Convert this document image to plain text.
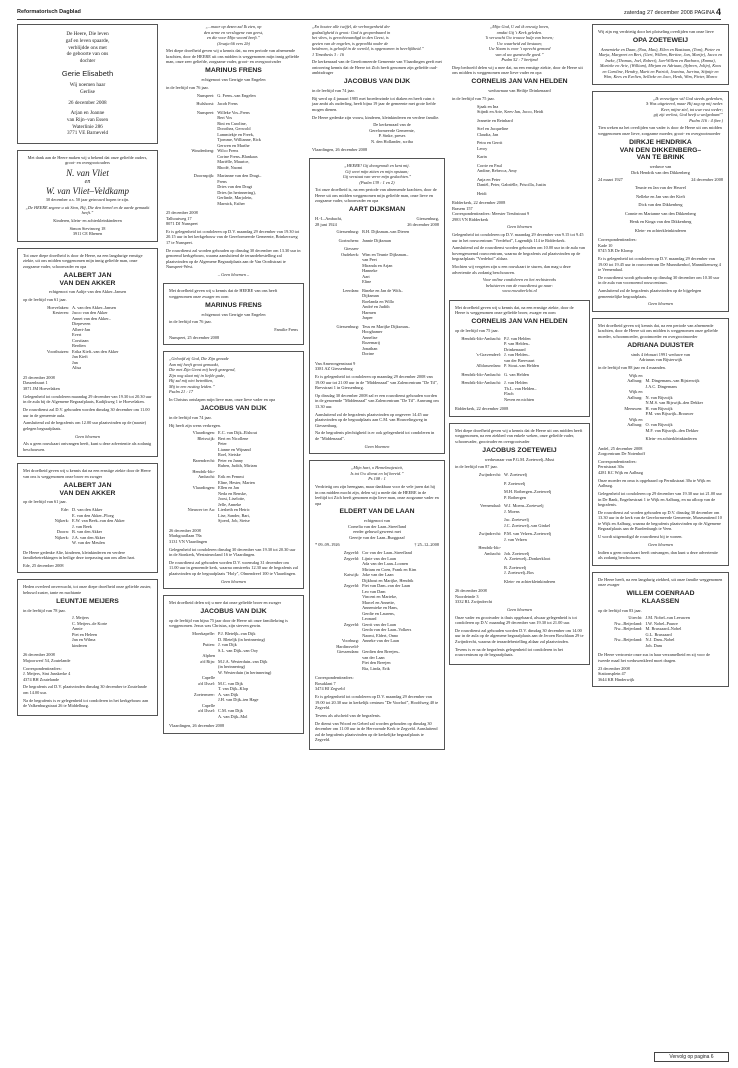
Reformatorisch Dagblad	zaterdag 27 december 2008 PAGINA 4
De Heere, Die leven
gaf en leven spaarde,
verblijdde ons met
de geboorte van ons
dochter
Gerie Elisabeth
Wij noemen haar
Gerlise
26 december 2008
Arjan en Joanne
van Rijn–van Essen
Waterlinie 286
3771 VE Barneveld
Met dank aan de Heere maken wij u bekend dat onze geliefde ouders, groot- en overgrootouders
N. van Vliet
en
W. van Vliet–Veldkamp
30 december a.s. 50 jaar getrouwd hopen te zijn.
„De HEERE zegene u uit Sion, Hij, Die den hemel en de aarde gemaakt heeft.”
Kinderen, klein- en achterkleinkinderen
Simon Stevinweg 18
3911 CE Rhenen
Tot onze diepe droefheid is door de Heere, na een langdurige ernstige ziekte, uit ons midden weggenomen mijn innig geliefde man, onze zorgzame vader, schoonvader en opa
AALBERT JAN
VAN DEN AKKER
echtgenoot van Aaltje van den Akker–Jansen
op de leeftijd van 61 jaar.
Hoevelaken: A. van den Akker–Jansen
Kesteren: Jacco van den Akker
Annet van den Akker–
Diepeveen
Albert-Jan
Evert
Corstiaan
Berdien
Voorthuizen: Erika Kieft–van den Akker
Jan Kieft
Jan
Alisa
25 december 2008
Dassenbuurt 1
3871 JM Hoevelaken
Gelegenheid tot condoleren maandag 29 december van 19.30 tot 20.30 uur in de aula bij de Algemene Begraafplaats, Kadijkweg 1 te Hoevelaken.
De rouwdienst zal D.V. gehouden worden dinsdag 30 december om 11.00 uur in de gemeente aula.
Aansluitend zal de begrafenis om 12.00 uur plaatsvinden op de (naaste) gelegen begraafplaats.
Geen bloemen
Als u geen rouwkaart ontvangen heeft, kunt u deze advertentie als zodanig beschouwen.
Met droefheid geven wij u kennis dat na een ernstige ziekte door de Heere van ons is weggenomen onze broer en zwager
AALBERT JAN
VAN DEN AKKER
op de leeftijd van 61 jaar.
Ede: D. van den Akker
E. van den Akker–Ploeg
Nijkerk: E.W. van Beek–van den Akker
J. van Beek
Doorn: B. van den Akker
Nijkerk: J.A. van den Akker
W. van der Meulen
De Heere gedenke Alie, kinderen, kleinkinderen en verdere familiebetrekkingen in heilige deze toepassing aan ons allen hart.
Ede, 25 december 2008
Heden overleed onverwacht, tot onze diepe droefheid onze geliefde zuster, behuwd zuster, tante en nuchtante
LEUNTJE MEIJERS
in de leeftijd van 78 jaar.
J. Meijers
C. Meijers–de Korte
Annie
Piet en Heleen
Jan en Wilma
kinderen
26 december 2008
Majoorwerf 54, Zoutelande
Correspondentieadres:
J. Meijers, Sint Janskerke 4
4374 BH Zoutelande
De begrafenis zal D.V. plaatsvinden dinsdag 30 december te Zoutelande om 14.00 uur.
Na de begrafenis is er gelegenheid tot condoleren in het kerkgebouw aan de Valkenburgstraat 26 te Middelburg.
„...maar op dezen zal Ik zien, op
den arme en verslagene van geest,
en die voor Mijn woord beeft.”
(Jesaja 66 vers 2b)
Met diepe droefheid geven wij u kennis dat, na een periode van afnemende krachten, door de HEERE uit ons midden is weggenomen mijn innig geliefde man, onze zeer geliefde, zorgzame vader, groot- en overgrootvader
MARINUS FRENS
echtgenoot van Gerrigje van Engelen
in de leeftijd van 76 jaar.
Nunspeet: G. Frens–van Engelen
Hulshorst: Jacob Frens
Nunspeet: Willeke Vos–Frens
Bert Vos
Rini en Caroline,
Dorothea, Gerwold
Lammiekje en Freek,
Tjomme, Willianne, Rick
Gerwen en Marthe
Woudenberg: Wilco Frens
Corine Frens–Blankaas
Mariëlle, Maurice,
Rhodé, Naomi
Doornspijk: Marianne van den Dragt–
Frens
Dries van den Dragt
Dries (in herinnering),
Gerlinde, Marjolein,
Marnick, Esther
25 december 2008
Talhoutweg 17
8071 DJ Nunspeet
Er is gelegenheid tot condoleren op D.V. maandag 29 december van 19.30 tot 20.15 uur in het kerkgebouw van de Gereformeerde Gemeente, Brinkersweg 17 te Nunspeet.
De rouwdienst zal worden gehouden op dinsdag 30 december om 13.30 uur in genoemd kerkgebouw, waarna aansluitend de teraardebestelling zal plaatsvinden op de Algemene Begraafplaats aan de Van Oordtstraat te Nunspeet-West.
– Geen bloemen –
Met droefheid geven wij u kennis dat de HEERE van ons heeft weggenomen onze zwager en oom
MARINUS FRENS
echtgenoot van Gerrigje van Engelen
in de leeftijd van 76 jaar.
Familie Frens
Nunspeet, 25 december 2008
„Geloofd zij God, Die Zijn genade
Aan mij heeft groot gemaakt,
Die met Zijn Geest mij heeft gezegend,
Zijn oog slaat mij in liefde gade,
Hij zal mij niet betrekken,
Mij in een rusting leiden.”
Psalm 21 : 17
In Christus ontslapen mijn lieve man, onze lieve vader en opa
JACOBUS VAN DIJK
in de leeftijd van 74 jaar.
Hij heeft zijn wens verkregen.
Vlaardingen: E.C. van Dijk–Elshout
Bleiswijk: Bert en Nicollene
Peter
Lianne en Wijnand
Roel, Sietske
Barendrecht: Peter en Janny
Ruben, Judith, Miriam
Hendrik-Ido-
Ambacht: Erik en Femmi
Eline, Hester, Marten
Vlaardingen: Ellen en Jan
Neda en Renske,
Joost, Liselotte,
Jelle, Anneke
Nieuwer ter Aa: Liesbeth en Hetric
Lise, Sander, Bart,
Sjoerd, Job, Sietse
26 december 2008
Markgraaflaan 78a
3131 VN Vlaardingen
Gelegenheid tot condoleren dinsdag 30 december van 19.30 tot 20.30 uur in de Sionkerk, Westnieuwland 16 te Vlaardingen.
De rouwdienst zal gehouden worden D.V. woensdag 31 december om 11.00 uur in genoemde kerk, waarna omstreeks 12.30 uur de begrafenis zal plaatsvinden op de begraafplaats "Holy", Olmendreef 100 te Vlaardingen.
Geen bloemen
Met droefheid delen wij u mee dat onze geliefde broer en zwager
JACOBUS VAN DIJK
op de leeftijd van bijna 75 jaar door de Heere uit onze familiekring is weggenomen. Jezus was Christus, zijn sterven gewin.
Moerkapelle: P.J. Bleteljk–van Dijk
D. Bleteljk (in herinnering)
Putten: J. van Dijk
S.L. van Dijk–van Ooy
Alphen
a/d Rijn: M.J.A. Westerduin–van Dijk
(in herinnering)
W. Westerduin (in herinnering)
Capelle
a/d IJssel: M.C. van Dijk
T. van Dijk–Klop
Zoetermeer: A. van Dijk
J.H. van Dijk–ten Hage
Capelle
a/d IJssel: C.M. van Dijk
A. van Dijk–Mol
Vlaardingen, 26 december 2008
„En houtve alle twijfel, de verborgenheid der
godzaligheid is groot: God is geopenbaard in
het vlees, is gerechtvaardigd in den Geest, is
gezien van de engelen, is gepredikt onder de
heidenen, is geloofd in de wereld, is opgenomen in heerlijkheid.”
1 Timotheüs 3 : 16
De kerkenraad van de Gereformeerde Gemeente van Vlaardingen geeft met ontroering kennis dat de Heere tot Zich heeft genomen zijn geliefde oud-ambtsdrager
JACOBUS VAN DIJK
in de leeftijd van 74 jaar.
Bij werd op 4 januari 1985 met broederzinde tot diaken en heeft ruim ± jaar ambt als ouderling, heeft bijna 19 jaar de gemeente met grote liefde mogen dienen.
De Heere gedenke zijn vrouw, kinderen, kleinkinderen en verdere familie.
De kerkenraad van de
Gereformeerde Gemeente,
P. Sinke, preses
N. den Hollander, scriba
Vlaardingen, 26 december 2008
„HEERE! Gij doorgrondt en kent mij.
Gij weet mijn zitten en mijn opstaan;
Gij verstaat van verre mijn gedachten.”
(Psalm 139 : 1 en 2)
Tot onze droefheid is, na een periode van afnemende krachten, door de Heere uit ons midden weggenomen mijn geliefde man, onze lieve en zorgzame vader, schoonvader en opa
AART DIJKSMAN
H.-I.–Ambacht,	Giessenburg,
28 juni 1924	26 december 2008
Giessenburg: R.H. Dijksman–van Dieren
Gorinchem: Jannie Dijksman
Giessen-
Oudekerk: Wim en Teunie Dijksman–
van Peet
Miranda en Arjan
Hanneke
Aart
Eline
Leerdam: Rineke en Jan de With–
Dijksman
Roelanda en Willo
André en Judith
Harmen
Jasper
Giessenburg: Teus en Marijke Dijksman–
Hooghamer
Annelise
Rozemarij
Jonathan
Dorine
Van Amerongenstraat 9
3381 AZ Giessenburg
Er is gelegenheid tot condoleren op maandag 29 december 2008 van 19.00 uur tot 21.00 uur in de "Middenzaal" van Zalencentrum "De Til", Brevstraat 1 in Giessenburg.
Op dinsdag 30 december 2008 zal er een rouwdienst gehouden worden in de genoemde "Middenzaal" van Zalencentrum "De Til". Aanvang om 13.30 uur.
Aansluitend zal de begrafenis plaatsvinden op ongeveer 14.45 uur plaatsvinden op de begraafplaats aan C.M. van Houwelingweg in Giessenburg.
Na de begrafenis plechtigheid is er ook gelegenheid tot condoleren in de "Middenzaal".
Geen bloemen
„Mijn hart, o Hemelmajesteit,
Is tot Uw dienst en lof bereid.”
Ps 108 : 1
Verdrietig om zijn heengaan, maar dankbaar voor de vele jaren dat hij in ons midden mocht zijn, delen wij u mede dat de HEERE in de leeftijd tot Zich heeft genomen mijn lieve man, onze zorgzame vader en opa
ELDERT VAN DE LAAN
echtgenoot van
Cornelia van der Laan–Streefland
eerder gehuwd geweest met
Geertje van der Laan–Burggraaf
* 09–09–1926	† 25–12–2008
Zegveld: Cor van der Laan–Streefland
Zegveld: Lijnie van der Laan
Ada van der Laan–Loonen
Miriam en Coen, Frank en Kim
Katwijk: Joke van der Laan
Dijkhout en Marijke, Hendrik
Zegveld: Piet van Dam–van der Laan
Leo van Dam
Vincent en Marieke,
Marcel en Annette,
Annemieke en Hans,
Gerdie en Laurens,
Leonard
Zegveld: Gerrit van der Laan
Gerda van der Laan–Volkers
Naomi, Eldert, Onno
Voorburg: Anneke van der Laan
Hardinxveld-
Giessendam: Gerdien den Breejen–
van der Laan
Piet den Breejen
Ria, Linda, Erik
Correspondentieadres:
Bosuklant 7
3474 HJ Zegveld
Er is gelegenheid tot condoleren op D.V. maandag 29 december van 19.00 tot 20.30 uur in kerkelijk centrum "De Voorhof", Hoofdweg 40 te Zegveld.
Tevens als afscheid van de begrafenis.
De dienst van Woord en Gebed zal worden gehouden op dinsdag 30 december om 11.00 uur in de Hervormde Kerk te Zegveld. Aansluitend zal de begrafenis plaatsvinden op de kerkelijke begraafplaats te Zegveld.
„Mijn God, U zal ik eeuwig loven,
omdat Gij 't Kerk geleden.
'k verwacht Uw trouwe hulp van boven;
Uw waarheid zal bestaan;
Uw Naam is voor 't oprecht gemoed
van al uw gunstvolle goed.”
Psalm 52 : 7 berijmd
Diep bedroefd delen wij u mee dat, na een ernstige ziekte, door de Heere uit ons midden is weggenomen onze lieve vader en opa
CORNELIS JAN VAN HELDEN
weduwnaar van Heiltje Drinkenaard
in de leeftijd van 75 jaar.
Sjaak en Ina
Stijndi en Arie, Kees-Jan, Jacco, Heidi
Jeanette en Reinhard
Stef en Jacqueline
Claudia, Jan
Petra en Gerrit
Leroy
Karin
Corrie en Paul
Andine, Rebecca, Amy
Anja en Peter
Daniël, Peter, Gabriëlle, Priscilla, Justin
Heidi
Ridderkerk, 22 december 2008
Brasem 157
Correspondentieadres: Meester Treubstraat 9
2983 VN Ridderkerk
Geen bloemen
Gelegenheid tot condoleren op D.V. maandag 29 december van 9.15 tot 9.45 uur in het rouwcentrum "Vredehof", Lagendijk 114 te Ridderkerk.
Aansluitend zal de rouwdienst worden gehouden om 10.00 uur in de aula van bovengenoemd rouwcentrum, waarna de begrafenis zal plaatsvinden op de begraafplaats "Vredehof" aldaar.
Mochten wij vergeten zijn u een rouwkaart te sturen, dan mag u deze advertentie als zodanig beschouwen.
Voor online condoleren en het rechtstreeks
beluisteren van de rouwdienst ga naar:
www.rouwberlcht.nl
Met droefheid geven wij u kennis dat, na een ernstige ziekte, door de Heere is weggenomen onze geliefde broer, zwager en oom
CORNELIS JAN VAN HELDEN
op de leeftijd van 75 jaar.
Hendrik-Ido-Ambacht: P.J. van Helden
P. van Helden–
Drinkenaard
's-Gravendeel: J. van Helden–
van der Breevaart
Alblasserdam: P. Stout–van Helden
Hendrik-Ido-Ambacht: G. van Helden
Hendrik-Ido-Ambacht: J. van Helden
Th.L. van Helden–
Flach
Neven en nichten
Ridderkerk, 22 december 2008
Met diepe droefheid geven wij u kennis dat de Heere uit ons midden heeft weggenomen, na een ziekbed van enkele weken, onze geliefde vader, schoonvader, grootvader en overgrootvader
JACOBUS ZOETEWEIJ
weduwnaar van P.G.M. Zoetewelj–Must
in de leeftijd van 87 jaar.
Zwijndrecht: W. Zoetewelj
P. Zoetewelj
M.H. Rotbergen–Zoetewelj
P. Rotbergen
Veenendaal: W.J. Moens–Zoetewelj
J. Moens
Jac. Zoetewelj
J.C. Zoetewelj–van Ginkel
Zwijndrecht: P.M. van Velzen–Zoetewelj
J. van Velzen
Hendrik-Ido-
Ambacht: Joh. Zoetewelj
A. Zoetewelj–Donkerkloot
B. Zoetewelj
J. Zoetewelj–Bos
Klein- en achterkleinkinderen
26 december 2008
Noordeinde 3
3332 RL Zwijndrecht
Geen bloemen
Onze vader en grootvader is thuis opgebaard, alwaar gelegenheid is tot condoleren op D.V. maandag 29 december van 19.30 tot 21.00 uur.
De rouwdienst zal gehouden worden D.V. dinsdag 30 december om 14.00 uur in de aula op de algemene begraafplaats aan de Jeroen Boschlaan 29 te Zwijndrecht, waarna de teraardebestelling aldaar zal plaatsvinden.
Tevens is er na de begrafenis gelegenheid tot condoleren in het rouwcentrum op de begraafplaats.
Wij zijn erg verdrietig door het plotseling overlijden van onze lieve
OPA ZOETEWEIJ
Annemieke en Daan, (Noa, Max), Ellen en Bastiaan, (Tom), Pieter en Marja, Margreet en Bert, (Gert, Willem, Bertine, Jan, Marije), Jacco en Ineke, (Thomas, Joel, Robert), Jan-Willem en Barbara, (Emma), Marieke en Arie, (William), Mirjam en Adriaan, (Sybren, Jolijn), Koos en Caroline, Hendry, Marit en Patrick, Jeanina, Jurrina, Stijntje en Wim, Kees en Evelien, Sellieke en Jaco, Henk, Wim, Pieter, Marco
„Ik verzwijgen wil God steeds gedenken,
'k Was uitgeteerd, maar Hij zag op mij neder.
Keer, mijne ziel, tot uwe rust weder;
gij zijt verlost, God heeft u welgedaan!”
Psalm 116 : 4 (ber.)
Tien weken na het overlijden van vader is door de Heere uit ons midden weggenomen onze lieve, zorgzame moeder, groot- en overgrootmoeder
DIRKJE HENDRIKA
VAN DEN DIKKENBERG–
VAN TE BRINK
weduwe van
Dirk Hendrik van den Dikkenberg
24 maart 1927	24 december 2008
Teunie en Jan van der Heuvel
Nelleke en Jan van der Kieft
Dick van den Dikkenberg
Connie en Marianne van den Dikkenberg
Henk en Kinga van den Dikkenberg
Klein- en achterkleinkinderen
Correspondentieadres:
Kade 10
8745 XB De Klomp
Er is gelegenheid tot condoleren op D.V. maandag 29 december van 19.00 tot 19.45 uur in rouwcentrum De Munnikenhof, Manniikenweg 4 te Veenendaal.
De rouwdienst wordt gehouden op dinsdag 30 december om 10.30 uur in de aula van voornoemd rouwcentrum.
Aansluitend zal de begrafenis plaatsvinden op de bijgelegen gemeentelijke begraafplaats.
Geen bloemen
Met droefheid geven wij kennis dat, na een periode van afnemende krachten, door de Heere uit ons midden is weggenomen onze geliefde moeder, schoonmoeder, grootmoeder en overgrootmoeder
ADRIANA DUIJSTER
sinds 4 februari 1991 weduwe van
Adrianus van Bijsterwijk
in de leeftijd van 88 jaar en 4 maanden.
Wijk en
Aalburg: M. Dingemans–van Bijsterwijk
J.A.C. Dingemans
Wijk en
Aalburg: N. van Bijswijk
N.M.S. van Bijswijk–den Dekker
Meeuwen: H. van Bijswijk
P.M. van Bijswijk–Brouwer
Wijk en
Aalburg: O. van Bijswijk
M.F. van Bijswijk–den Dekker
Klein- en achterkleinkinderen
Andel, 25 december 2008
Zorgcentrum De Notenhoff
Correspondentieadres:
Pernistraat 30a
4281 KC Wijk en Aalburg
Onze moeder en oma is opgebaard op Pernikstraat 30a te Wijk en Aalburg.
Gelegenheid tot condoleren op 29 december van 19.30 uur tot 21.00 uur in De Bank, Engelsestraat 1 te Wijk en Aalburg, en na afloop van de begrafenis.
De rouwdienst zal worden gehouden op D.V. dinsdag 30 december om 13.30 uur in de kerk van de Gereformeerde Gemeente, Museumtiend 10 te Wijk en Aalburg, waarna de begrafenis plaatsvinden op de Algemene Begraafplaats aan de Burdenburgh te Veen.
U wordt uitgenodigd de rouwdienst bij te wonen.
Geen bloemen
Indien u geen rouwkaart heeft ontvangen, dan kunt u deze advertentie als zodanig beschouwen.
De Heere heeft, na een langdurig ziekbed, uit onze familie weggenomen onze zwager
WILLEM COENRAAD
KLAASSEN
op de leeftijd van 83 jaar.
Utrecht: J.M. Nobel–van Leeuwen
Nw.–Beijerland: I.W. Nobel–Pauwe
Nw.–Beijerland: M. Brussaard–Nobel
G.L. Brussaard
Nw.–Beijerland: N.J. Dam–Nobel
Joh. Dam
De Heere vertroeste onze zus in haar verzamelheid en zij voor de tweede maal het weduwenkleed moet dragen.
23 december 2008
Stattonsplein 47
3644 KR Hinderwijk
Vervolg op pagina 6
